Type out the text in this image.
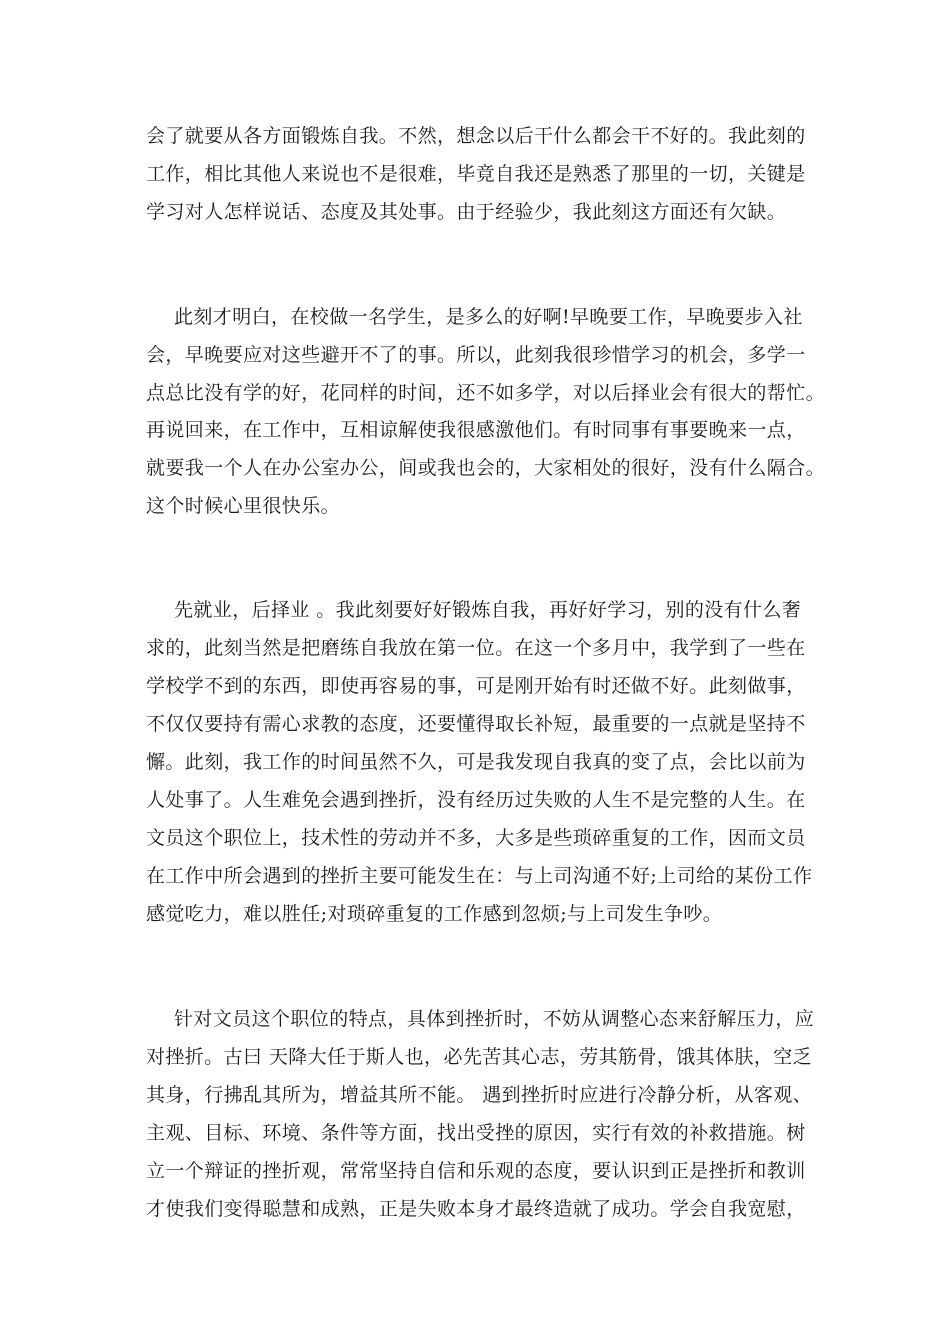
会了就要从各方面锻炼自我。不然，想念以后干什么都会干不好的。我此刻的
工作，相比其他人来说也不是很难，毕竟自我还是熟悉了那里的一切，关键是
学习对人怎样说话、态度及其处事。由于经验少，我此刻这方面还有欠缺。
此刻才明白，在校做一名学生，是多么的好啊!早晚要工作，早晚要步入社
会，早晚要应对这些避开不了的事。所以，此刻我很珍惜学习的机会，多学一
点总比没有学的好，花同样的时间，还不如多学，对以后择业会有很大的帮忙。
再说回来，在工作中，互相谅解使我很感激他们。有时同事有事要晚来一点，
就要我一个人在办公室办公，间或我也会的，大家相处的很好，没有什么隔合。
这个时候心里很快乐。
先就业，后择业 。我此刻要好好锻炼自我，再好好学习，别的没有什么奢
求的，此刻当然是把磨练自我放在第一位。在这一个多月中，我学到了一些在
学校学不到的东西，即使再容易的事，可是刚开始有时还做不好。此刻做事，
不仅仅要持有需心求教的态度，还要懂得取长补短，最重要的一点就是坚持不
懈。此刻，我工作的时间虽然不久，可是我发现自我真的变了点，会比以前为
人处事了。人生难免会遇到挫折，没有经历过失败的人生不是完整的人生。在
文员这个职位上，技术性的劳动并不多，大多是些琐碎重复的工作，因而文员
在工作中所会遇到的挫折主要可能发生在：与上司沟通不好;上司给的某份工作
感觉吃力，难以胜任;对琐碎重复的工作感到忽烦;与上司发生争吵。
针对文员这个职位的特点，具体到挫折时，不妨从调整心态来舒解压力，应
对挫折。古曰 天降大任于斯人也，必先苦其心志，劳其筋骨，饿其体肤，空乏
其身，行拂乱其所为，增益其所不能。 遇到挫折时应进行冷静分析，从客观、
主观、目标、环境、条件等方面，找出受挫的原因，实行有效的补救措施。树
立一个辩证的挫折观，常常坚持自信和乐观的态度，要认识到正是挫折和教训
才使我们变得聪慧和成熟，正是失败本身才最终造就了成功。学会自我宽慰，
